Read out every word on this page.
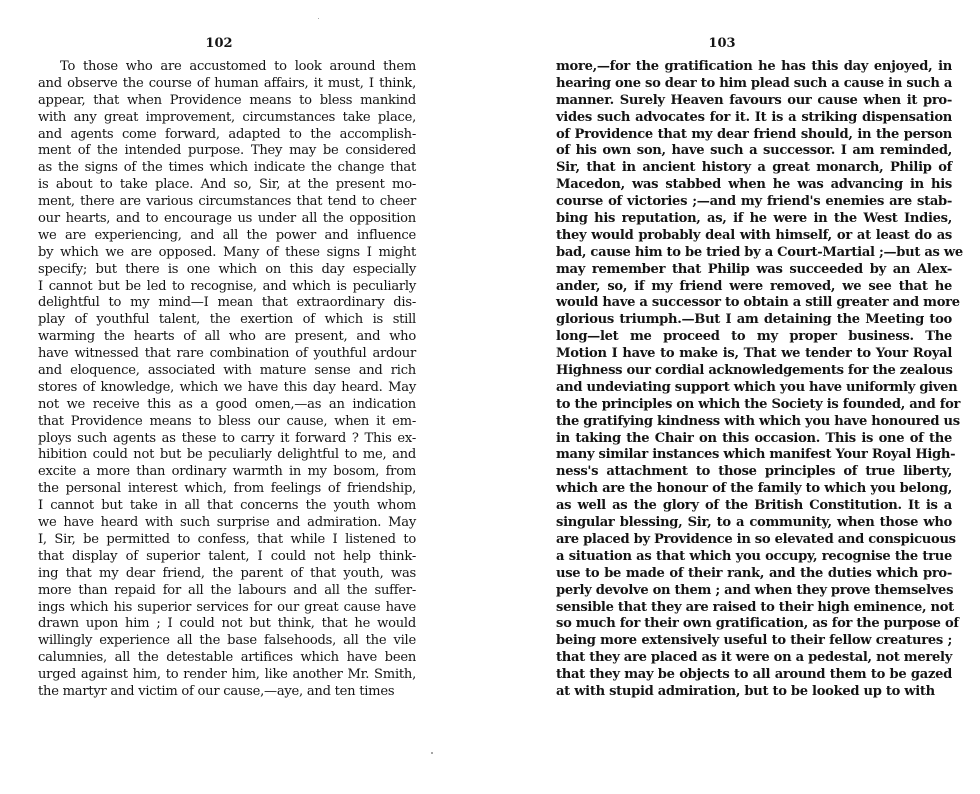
102
To those who are accustomed to look around them
and observe the course of human affairs, it must, I think,
appear, that when Providence means to bless mankind
with any great improvement, circumstances take place,
and agents come forward, adapted to the accomplish-
ment of the intended purpose. They may be considered
as the signs of the times which indicate the change that
is about to take place. And so, Sir, at the present mo-
ment, there are various circumstances that tend to cheer
our hearts, and to encourage us under all the opposition
we are experiencing, and all the power and influence
by which we are opposed. Many of these signs I might
specify; but there is one which on this day especially
I cannot but be led to recognise, and which is peculiarly
delightful to my mind—I mean that extraordinary dis-
play of youthful talent, the exertion of which is still
warming the hearts of all who are present, and who
have witnessed that rare combination of youthful ardour
and eloquence, associated with mature sense and rich
stores of knowledge, which we have this day heard. May
not we receive this as a good omen,—as an indication
that Providence means to bless our cause, when it em-
ploys such agents as these to carry it forward ? This ex-
hibition could not but be peculiarly delightful to me, and
excite a more than ordinary warmth in my bosom, from
the personal interest which, from feelings of friendship,
I cannot but take in all that concerns the youth whom
we have heard with such surprise and admiration. May
I, Sir, be permitted to confess, that while I listened to
that display of superior talent, I could not help think-
ing that my dear friend, the parent of that youth, was
more than repaid for all the labours and all the suffer-
ings which his superior services for our great cause have
drawn upon him ; I could not but think, that he would
willingly experience all the base falsehoods, all the vile
calumnies, all the detestable artifices which have been
urged against him, to render him, like another Mr. Smith,
the martyr and victim of our cause,—aye, and ten times
103
more,—for the gratification he has this day enjoyed, in
hearing one so dear to him plead such a cause in such a
manner. Surely Heaven favours our cause when it pro-
vides such advocates for it. It is a striking dispensation
of Providence that my dear friend should, in the person
of his own son, have such a successor. I am reminded,
Sir, that in ancient history a great monarch, Philip of
Macedon, was stabbed when he was advancing in his
course of victories ;—and my friend's enemies are stab-
bing his reputation, as, if he were in the West Indies,
they would probably deal with himself, or at least do as
bad, cause him to be tried by a Court-Martial ;—but as we
may remember that Philip was succeeded by an Alex-
ander, so, if my friend were removed, we see that he
would have a successor to obtain a still greater and more
glorious triumph.—But I am detaining the Meeting too
long—let me proceed to my proper business. The
Motion I have to make is, That we tender to Your Royal
Highness our cordial acknowledgements for the zealous
and undeviating support which you have uniformly given
to the principles on which the Society is founded, and for
the gratifying kindness with which you have honoured us
in taking the Chair on this occasion. This is one of the
many similar instances which manifest Your Royal High-
ness's attachment to those principles of true liberty,
which are the honour of the family to which you belong,
as well as the glory of the British Constitution. It is a
singular blessing, Sir, to a community, when those who
are placed by Providence in so elevated and conspicuous
a situation as that which you occupy, recognise the true
use to be made of their rank, and the duties which pro-
perly devolve on them ; and when they prove themselves
sensible that they are raised to their high eminence, not
so much for their own gratification, as for the purpose of
being more extensively useful to their fellow creatures ;
that they are placed as it were on a pedestal, not merely
that they may be objects to all around them to be gazed
at with stupid admiration, but to be looked up to with
